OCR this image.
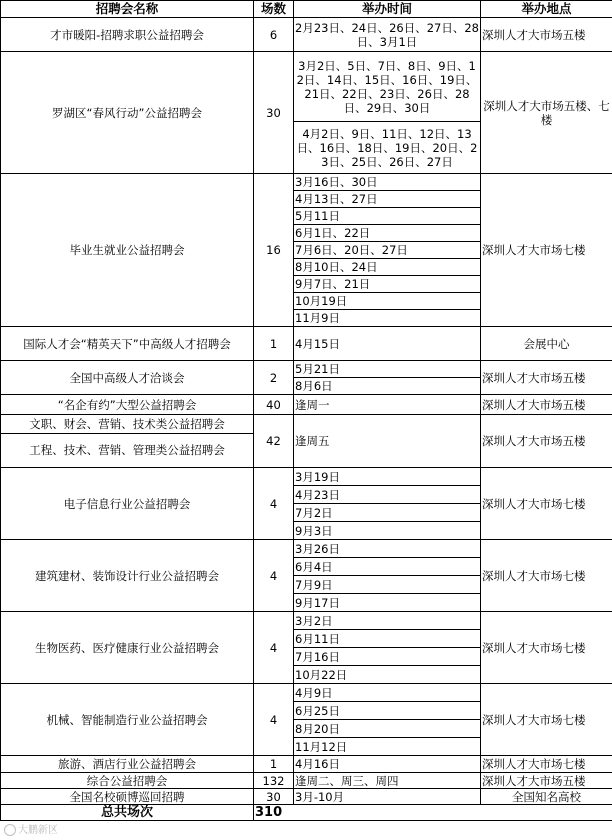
招聘会名称	场数	举办时间	举办地点
才市暖阳-招聘求职公益招聘会	6	2月23日、24日、26日、27日、28日、3月1日	深圳人才大市场五楼
罗湖区“春风行动”公益招聘会	30	3月2日、5日、7日、8日、9日、12日、14日、15日、16日、19日、21日、22日、23日、26日、28日、29日、30日	深圳人才大市场五楼、七楼
		4月2日、9日、11日、12日、13日、16日、18日、19日、20日、23日、25日、26日、27日	
毕业生就业公益招聘会	16	3月16日、30日	深圳人才大市场七楼
		4月13日、27日	
		5月11日	
		6月1日、22日	
		7月6日、20日、27日	
		8月10日、24日	
		9月7日、21日	
		10月19日	
		11月9日	
国际人才会“精英天下”中高级人才招聘会	1	4月15日	会展中心
全国中高级人才洽谈会	2	5月21日	深圳人才大市场五楼
		8月6日	
“名企有约”大型公益招聘会	40	逢周一	深圳人才大市场五楼

文职、财会、营销、技术类公益招聘会
工程、技术、营销、管理类公益招聘会	42	逢周五	深圳人才大市场五楼
电子信息行业公益招聘会	4	3月19日	深圳人才大市场七楼
		4月23日	
		7月2日	
		9月3日	
建筑建材、装饰设计行业公益招聘会	4	3月26日	深圳人才大市场七楼
		6月4日	
		7月9日	
		9月17日	
生物医药、医疗健康行业公益招聘会	4	3月2日	深圳人才大市场七楼
		6月11日	
		7月16日	
		10月22日	
机械、智能制造行业公益招聘会	4	4月9日	深圳人才大市场七楼
		6月25日	
		8月20日	
		11月12日	
旅游、酒店行业公益招聘会	1	4月16日	深圳人才大市场七楼
综合公益招聘会	132	逢周二、周三、周四	深圳人才大市场五楼
全国名校硕博巡回招聘	30	3月-10月	全国知名高校
总共场次	310		
大鹏新区
